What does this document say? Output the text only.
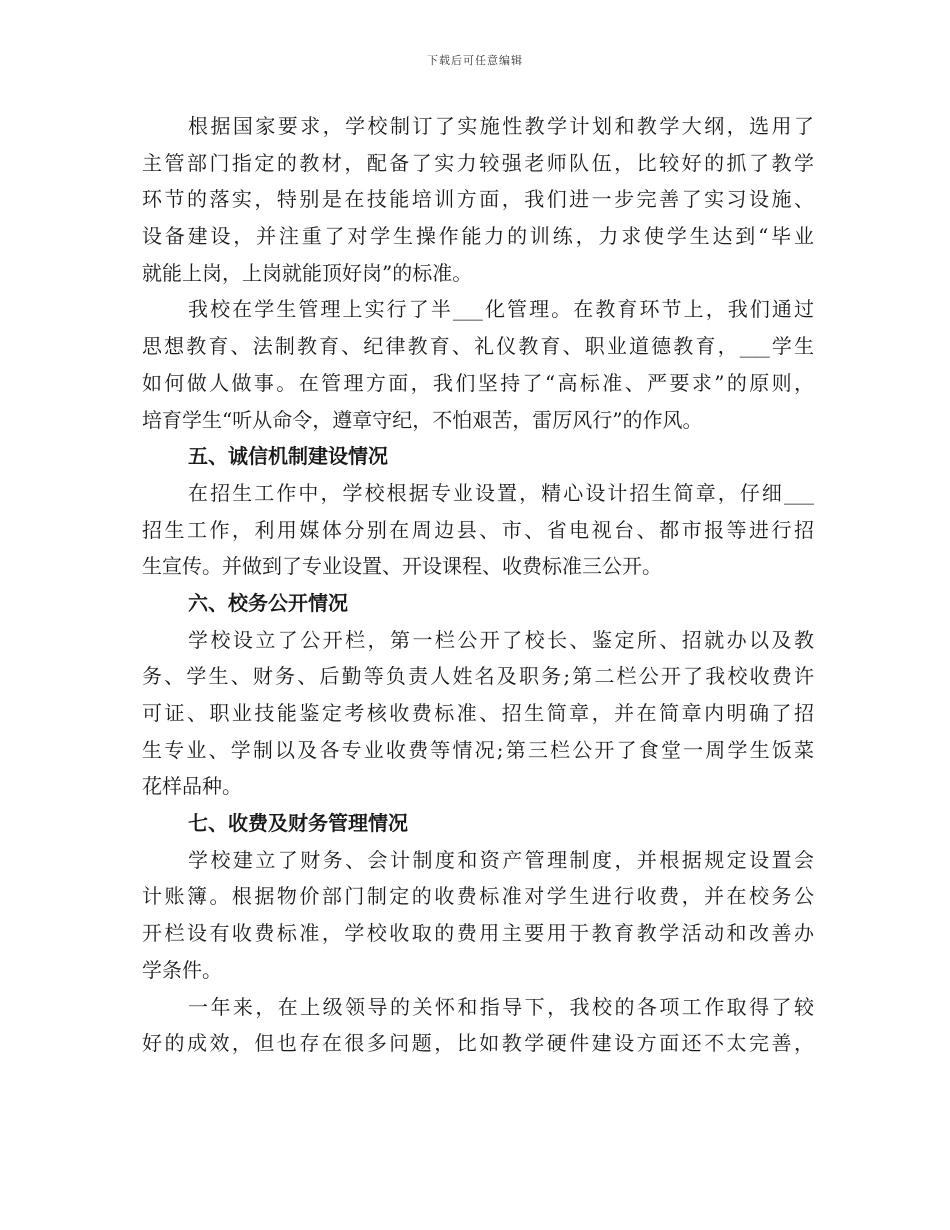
下载后可任意编辑
根据国家要求，学校制订了实施性教学计划和教学大纲，选用了
主管部门指定的教材，配备了实力较强老师队伍，比较好的抓了教学
环节的落实，特别是在技能培训方面，我们进一步完善了实习设施、
设备建设，并注重了对学生操作能力的训练，力求使学生达到“毕业
就能上岗，上岗就能顶好岗”的标准。
我校在学生管理上实行了半___化管理。在教育环节上，我们通过
思想教育、法制教育、纪律教育、礼仪教育、职业道德教育，___学生
如何做人做事。在管理方面，我们坚持了“高标准、严要求”的原则，
培育学生“听从命令，遵章守纪，不怕艰苦，雷厉风行”的作风。
五、诚信机制建设情况
在招生工作中，学校根据专业设置，精心设计招生简章，仔细___
招生工作，利用媒体分别在周边县、市、省电视台、都市报等进行招
生宣传。并做到了专业设置、开设课程、收费标准三公开。
六、校务公开情况
学校设立了公开栏，第一栏公开了校长、鉴定所、招就办以及教
务、学生、财务、后勤等负责人姓名及职务;第二栏公开了我校收费许
可证、职业技能鉴定考核收费标准、招生简章，并在简章内明确了招
生专业、学制以及各专业收费等情况;第三栏公开了食堂一周学生饭菜
花样品种。
七、收费及财务管理情况
学校建立了财务、会计制度和资产管理制度，并根据规定设置会
计账簿。根据物价部门制定的收费标准对学生进行收费，并在校务公
开栏设有收费标准，学校收取的费用主要用于教育教学活动和改善办
学条件。
一年来，在上级领导的关怀和指导下，我校的各项工作取得了较
好的成效，但也存在很多问题，比如教学硬件建设方面还不太完善，
